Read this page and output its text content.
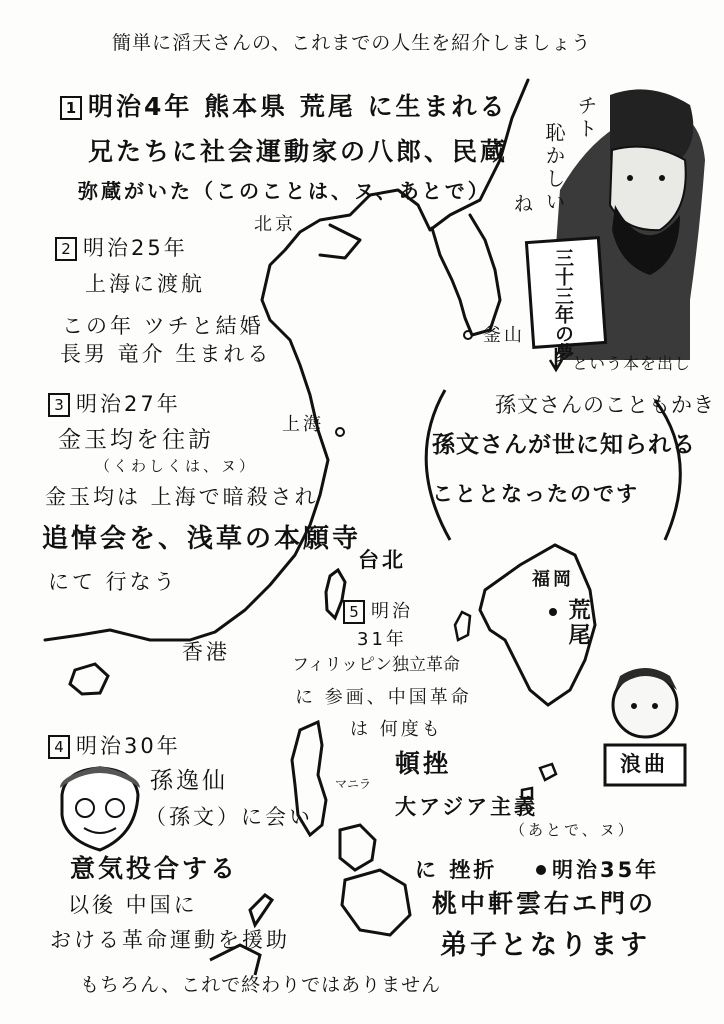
簡単に滔天さんの、これまでの人生を紹介しましょう
1 明治4年 熊本県 荒尾 に生まれる
兄たちに社会運動家の八郎、民蔵
弥蔵がいた（このことは、ヌ、あとで）
2 明治25年
上海に渡航
この年 ツチと結婚
長男 竜介 生まれる
3 明治27年
金玉均を往訪
（くわしくは、ヌ）
金玉均は 上海で暗殺され
追悼会を、浅草の本願寺
にて 行なう
4 明治30年
孫逸仙
（孫文）に会い
意気投合する
以後 中国に
おける革命運動を援助
5 明治
31年
フィリッピン独立革命
に 参画、中国革命
は 何度も
頓挫
大アジア主義
（あとで、ヌ）
に 挫折	明治35年
桃中軒雲右エ門の
弟子となります
という本を出し
孫文さんのこともかき
孫文さんが世に知られる
こととなったのです
チト
恥かしい
ね
三十三年の夢
浪曲
北京
釜山
上海
台北
香港
マニラ
福岡
荒尾
もちろん、これで終わりではありません
